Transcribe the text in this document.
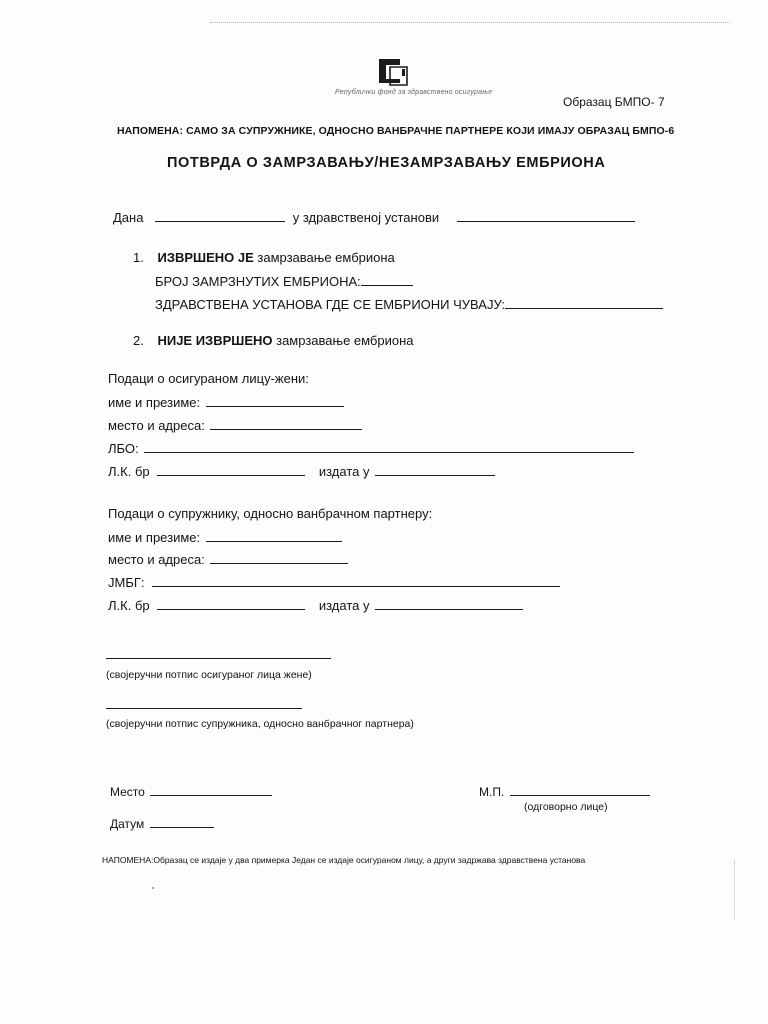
Републички фонд за здравствено осигурање
Образац БМПО- 7
НАПОМЕНА: САМО ЗА СУПРУЖНИКЕ, ОДНОСНО ВАНБРАЧНЕ ПАРТНЕРЕ КОЈИ ИМАЈУ ОБРАЗАЦ БМПО-6
ПОТВРДА О ЗАМРЗАВАЊУ/НЕЗАМРЗАВАЊУ ЕМБРИОНА
Дана	у здравственој установи
1. ИЗВРШЕНО ЈЕ замрзавање ембриона
БРОЈ ЗАМРЗНУТИХ ЕМБРИОНА:
ЗДРАВСТВЕНА УСТАНОВА ГДЕ СЕ ЕМБРИОНИ ЧУВАЈУ:
2. НИЈЕ ИЗВРШЕНО замрзавање ембриона
Подаци о осигураном лицу-жени:
име и презиме:
место и адреса:
ЛБО:
Л.К. бр	издата у
Подаци о супружнику, односно ванбрачном партнеру:
име и презиме:
место и адреса:
ЈМБГ:
Л.К. бр	издата у
(својеручни потпис осигураног лица жене)
(својеручни потпис супружника, односно ванбрачног партнера)
Место	М.П.
(одговорно лице)
Датум
НАПОМЕНА:Образац се издаје у два примерка Један се издаје осигураном лицу, а други задржава здравствена установа
